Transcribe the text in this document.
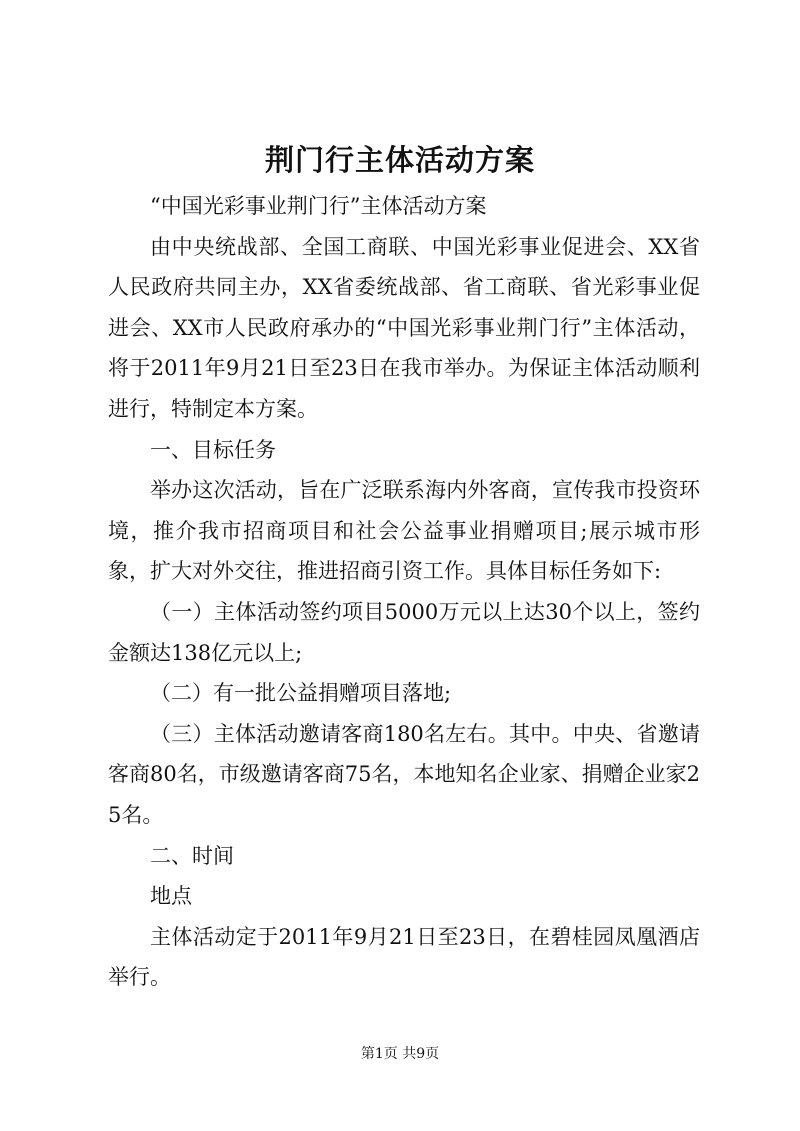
荆门行主体活动方案

“中国光彩事业荆门行”主体活动方案

由中央统战部、全国工商联、中国光彩事业促进会、XX省人民政府共同主办，XX省委统战部、省工商联、省光彩事业促进会、XX市人民政府承办的“中国光彩事业荆门行”主体活动，将于2011年9月21日至23日在我市举办。为保证主体活动顺利进行，特制定本方案。

一、目标任务

举办这次活动，旨在广泛联系海内外客商，宣传我市投资环境，推介我市招商项目和社会公益事业捐赠项目;展示城市形象，扩大对外交往，推进招商引资工作。具体目标任务如下:

（一）主体活动签约项目5000万元以上达30个以上，签约金额达138亿元以上;

（二）有一批公益捐赠项目落地;

（三）主体活动邀请客商180名左右。其中。中央、省邀请客商80名，市级邀请客商75名，本地知名企业家、捐赠企业家25名。

二、时间

地点

主体活动定于2011年9月21日至23日，在碧桂园凤凰酒店举行。

第1页 共9页
